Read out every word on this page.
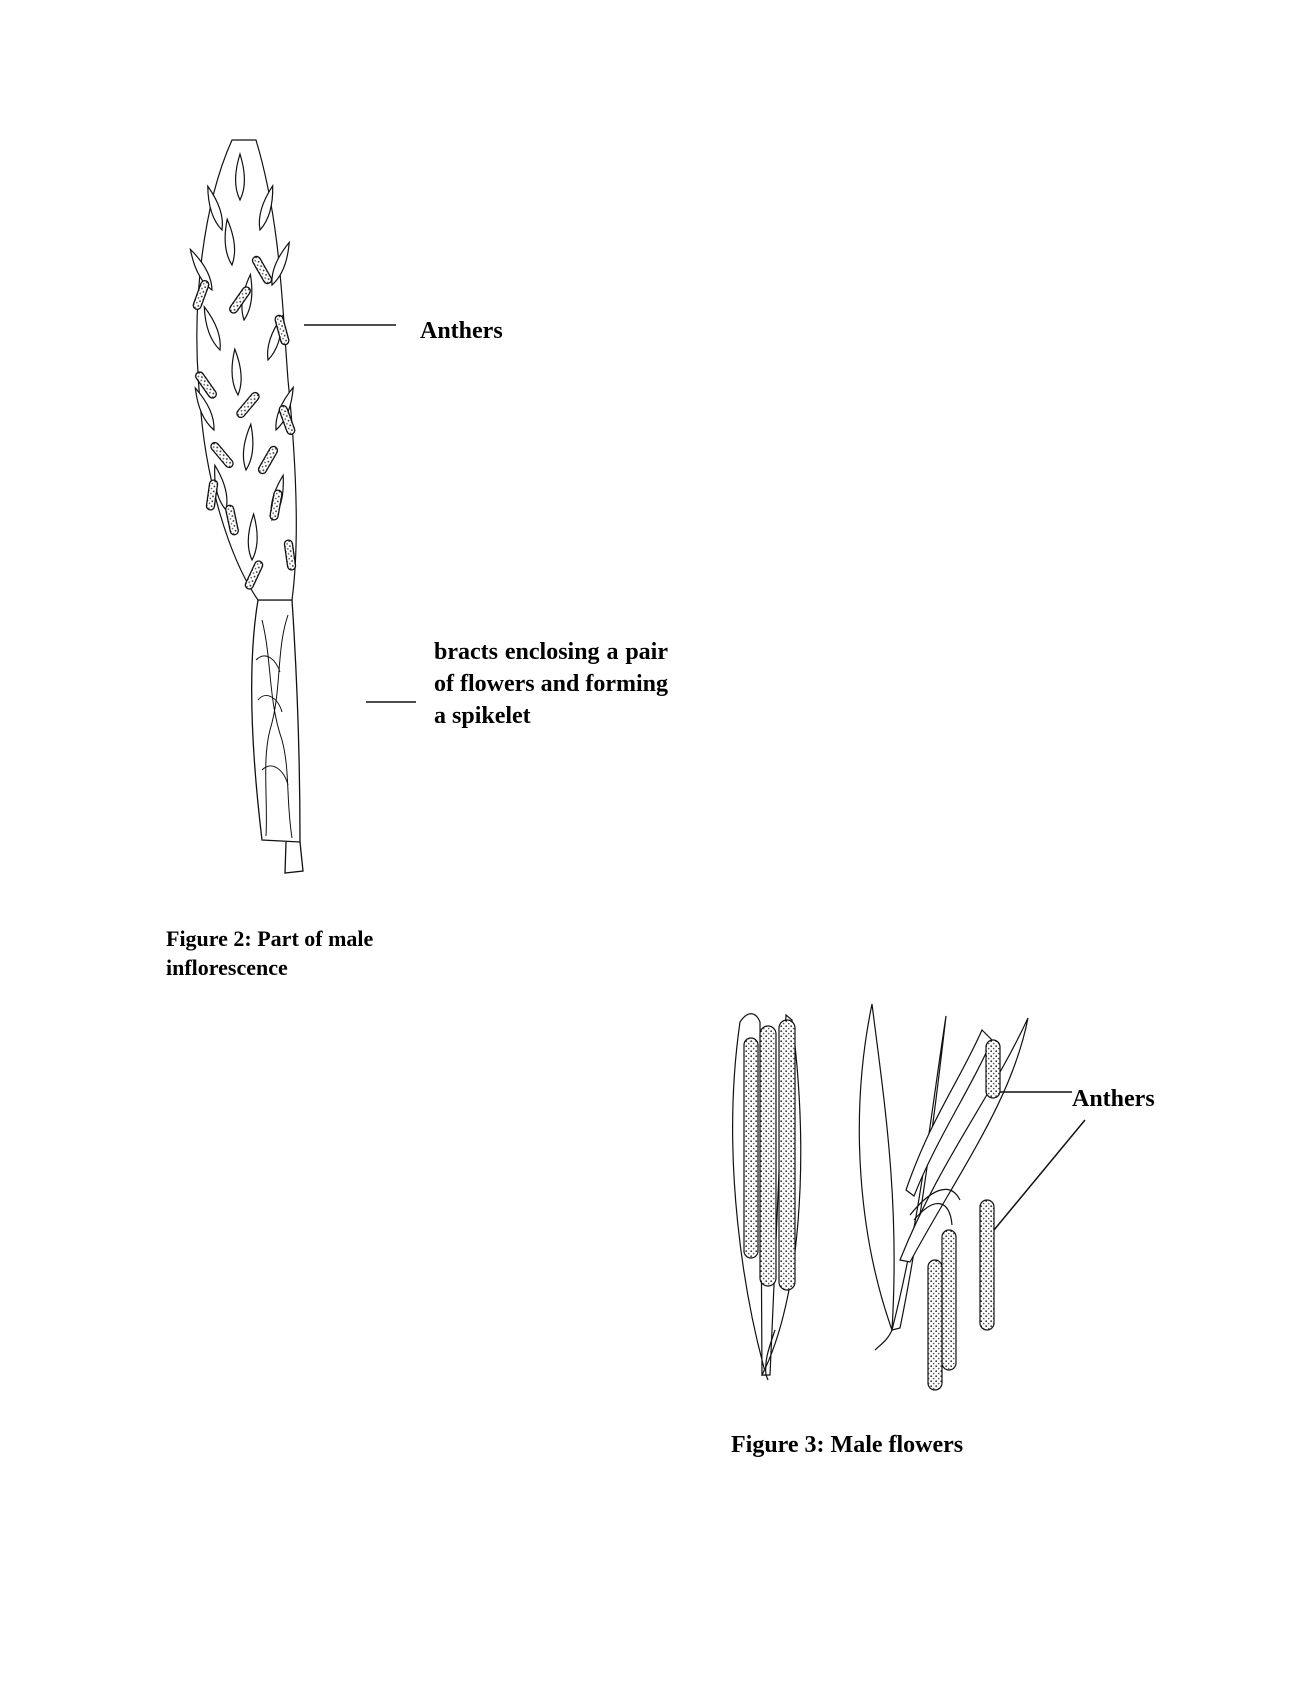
Anthers
bracts enclosing a pair of flowers and forming a spikelet
Figure 2: Part of male inflorescence
Anthers
Figure 3: Male flowers
